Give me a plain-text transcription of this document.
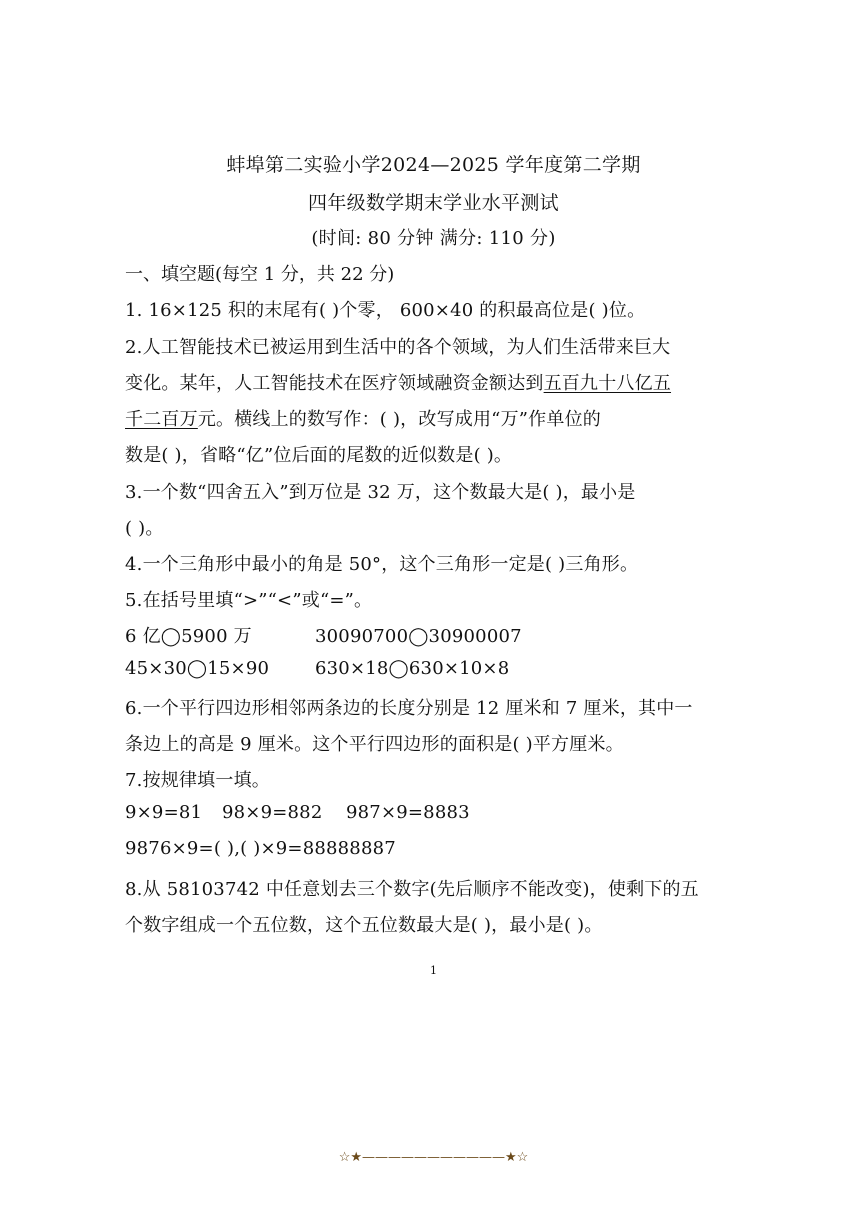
蚌埠第二实验小学2024—2025 学年度第二学期
四年级数学期末学业水平测试
(时间: 80 分钟 满分: 110 分)
一、填空题(每空 1 分，共 22 分)
1. 16×125 积的末尾有( )个零， 600×40 的积最高位是( )位。
2.人工智能技术已被运用到生活中的各个领域，为人们生活带来巨大
变化。某年，人工智能技术在医疗领域融资金额达到五百九十八亿五
千二百万元。横线上的数写作：( )，改写成用“万”作单位的
数是( )，省略“亿”位后面的尾数的近似数是( )。
3.一个数“四舍五入”到万位是 32 万，这个数最大是( )，最小是
( )。
4.一个三角形中最小的角是 50°，这个三角形一定是( )三角形。
5.在括号里填“>”“<”或“=”。
6 亿◯5900 万	30090700◯30900007
45×30◯15×90	630×18◯630×10×8
6.一个平行四边形相邻两条边的长度分别是 12 厘米和 7 厘米，其中一
条边上的高是 9 厘米。这个平行四边形的面积是( )平方厘米。
7.按规律填一填。
9×9=81 98×9=882 987×9=8883
9876×9=( ),( )×9=88888887
8.从 58103742 中任意划去三个数字(先后顺序不能改变)，使剩下的五
个数字组成一个五位数，这个五位数最大是( )，最小是( )。
1
☆★———————————★☆
